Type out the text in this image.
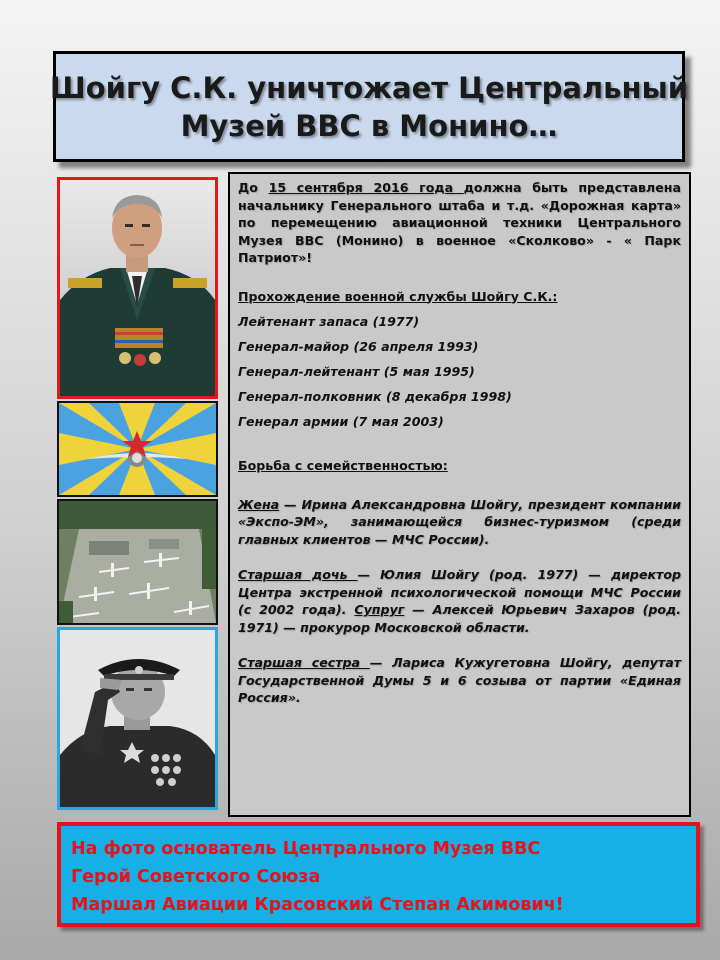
Шойгу С.К. уничтожает Центральный
Музей ВВС в Монино…

До 15 сентября 2016 года должна быть представлена начальнику Генерального штаба и т.д. «Дорожная карта» по перемещению авиационной техники Центрального Музея ВВС (Монино) в военное «Сколково» - « Парк Патриот»!

Прохождение военной службы Шойгу С.К.:

Лейтенант запаса (1977)

Генерал-майор (26 апреля 1993)

Генерал-лейтенант (5 мая 1995)

Генерал-полковник (8 декабря 1998)

Генерал армии (7 мая 2003)

Борьба с семейственностью:

Жена — Ирина Александровна Шойгу, президент компании «Экспо-ЭМ», занимающейся бизнес-туризмом (среди главных клиентов — МЧС России).

Старшая дочь — Юлия Шойгу (род. 1977) — директор Центра экстренной психологической помощи МЧС России (с 2002 года). Супруг — Алексей Юрьевич Захаров (род. 1971) — прокурор Московской области.

Старшая сестра — Лариса Кужугетовна Шойгу, депутат Государственной Думы 5 и 6 созыва от партии «Единая Россия».

На фото основатель Центрального Музея ВВС
Герой Советского Союза
Маршал Авиации Красовский Степан Акимович!
